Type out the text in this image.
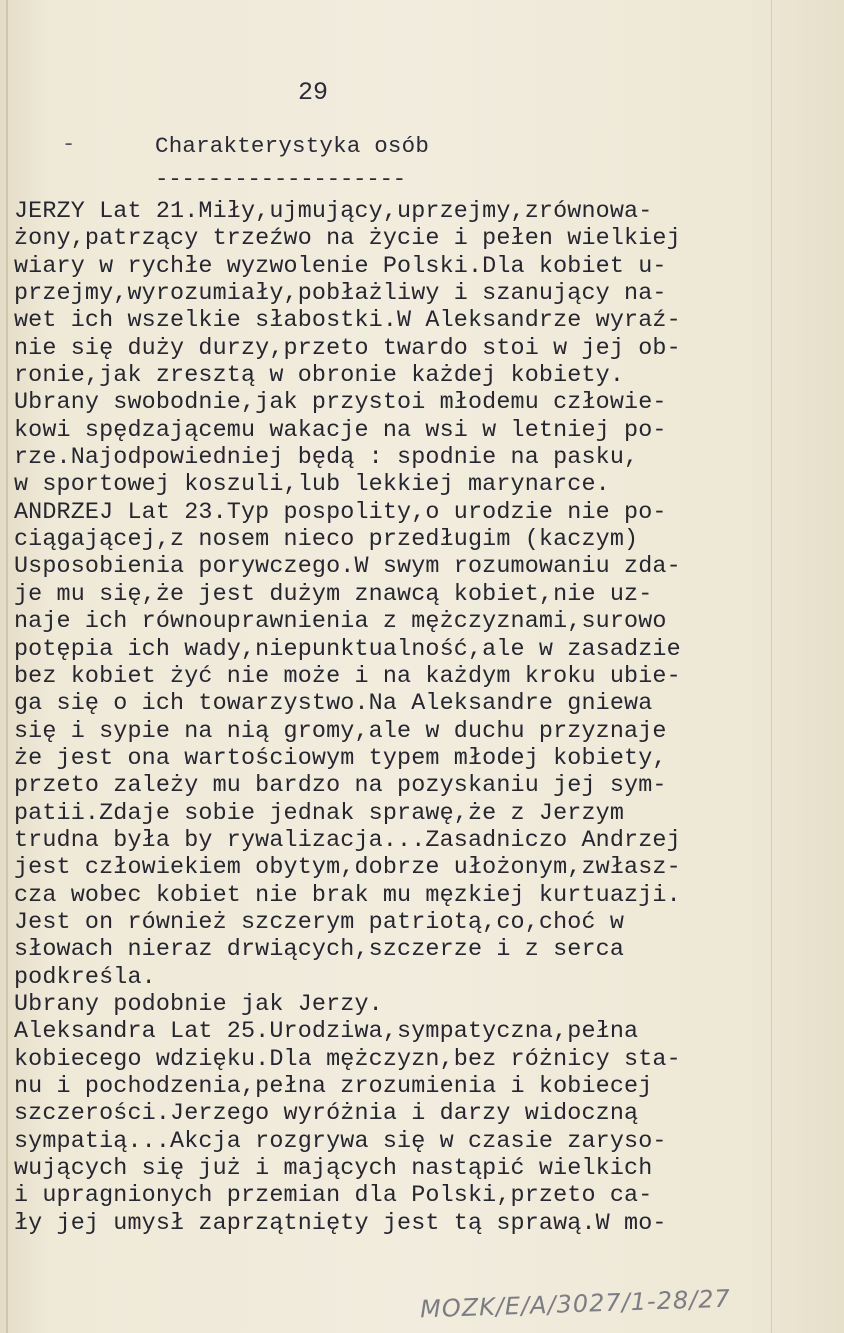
29
-	Charakterystyka osób
-------------------
JERZY Lat 21.Miły,ujmujący,uprzejmy,zrównowa-
żony,patrzący trzeźwo na życie i pełen wielkiej
wiary w rychłe wyzwolenie Polski.Dla kobiet u-
przejmy,wyrozumiały,pobłażliwy i szanujący na-
wet ich wszelkie słabostki.W Aleksandrze wyraź-
nie się duży durzy,przeto twardo stoi w jej ob-
ronie,jak zresztą w obronie każdej kobiety.
Ubrany swobodnie,jak przystoi młodemu człowie-
kowi spędzającemu wakacje na wsi w letniej po-
rze.Najodpowiedniej będą : spodnie na pasku,
w sportowej koszuli,lub lekkiej marynarce.
ANDRZEJ Lat 23.Typ pospolity,o urodzie nie po-
ciągającej,z nosem nieco przedługim (kaczym)
Usposobienia porywczego.W swym rozumowaniu zda-
je mu się,że jest dużym znawcą kobiet,nie uz-
naje ich równouprawnienia z mężczyznami,surowo
potępia ich wady,niepunktualność,ale w zasadzie
bez kobiet żyć nie może i na każdym kroku ubie-
ga się o ich towarzystwo.Na Aleksandre gniewa
się i sypie na nią gromy,ale w duchu przyznaje
że jest ona wartościowym typem młodej kobiety,
przeto zależy mu bardzo na pozyskaniu jej sym-
patii.Zdaje sobie jednak sprawę,że z Jerzym
trudna była by rywalizacja...Zasadniczo Andrzej
jest człowiekiem obytym,dobrze ułożonym,zwłasz-
cza wobec kobiet nie brak mu męzkiej kurtuazji.
Jest on również szczerym patriotą,co,choć w
słowach nieraz drwiących,szczerze i z serca
podkreśla.
Ubrany podobnie jak Jerzy.
Aleksandra Lat 25.Urodziwa,sympatyczna,pełna
kobiecego wdzięku.Dla mężczyzn,bez różnicy sta-
nu i pochodzenia,pełna zrozumienia i kobiecej
szczerości.Jerzego wyróżnia i darzy widoczną
sympatią...Akcja rozgrywa się w czasie zaryso-
wujących się już i mających nastąpić wielkich
i upragnionych przemian dla Polski,przeto ca-
ły jej umysł zaprzątnięty jest tą sprawą.W mo-
MOZK/E/A/3027/1-28/27
